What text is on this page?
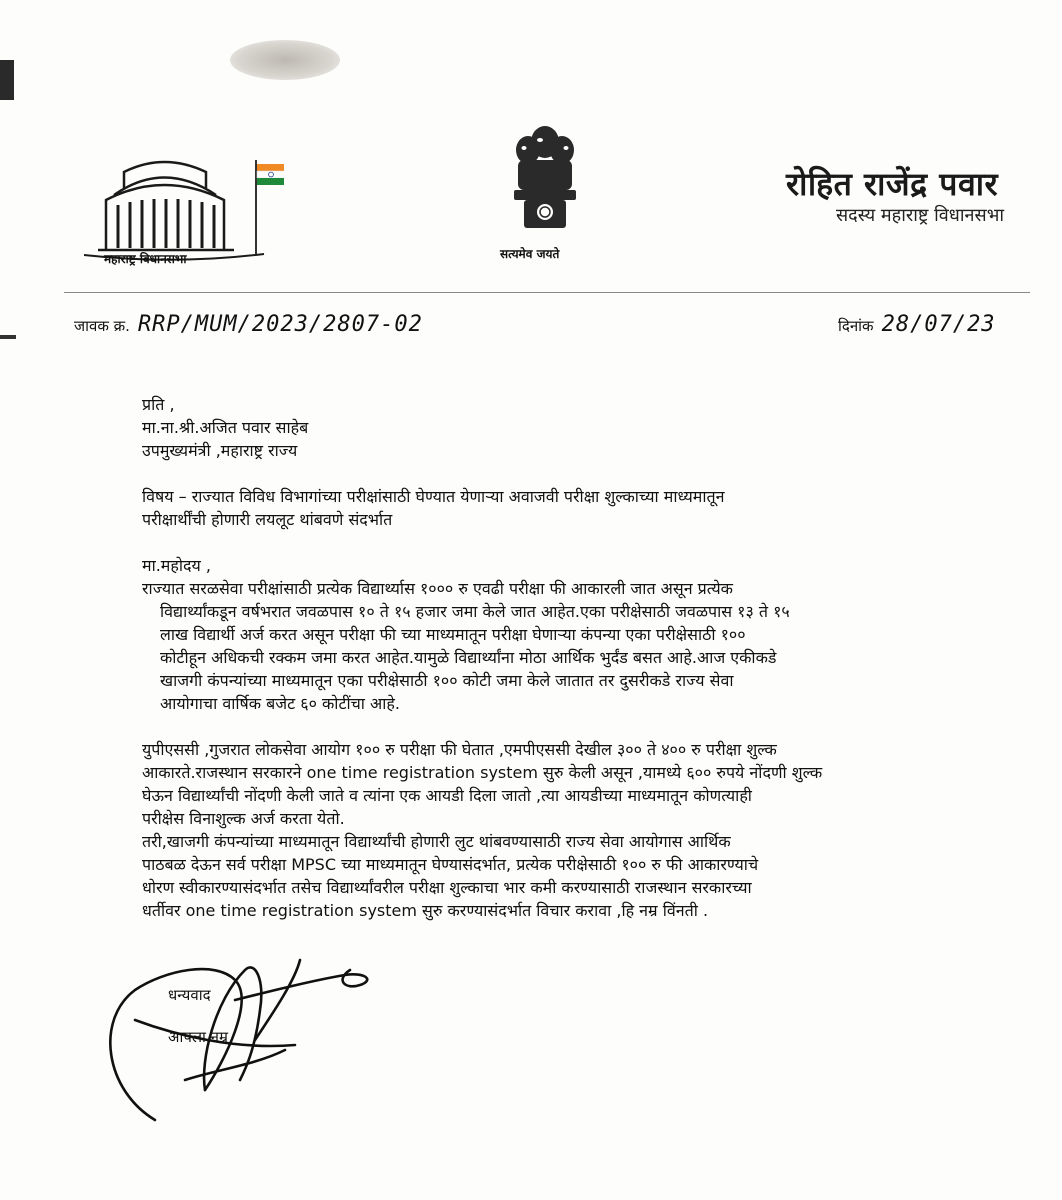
महाराष्ट्र विधानसभा	सत्यमेव जयते
रोहित राजेंद्र पवार
सदस्य महाराष्ट्र विधानसभा
जावक क्र. RRP/MUM/2023/2807-02	दिनांक 28/07/23
प्रति ,
मा.ना.श्री.अजित पवार साहेब
उपमुख्यमंत्री ,महाराष्ट्र राज्य
विषय – राज्यात विविध विभागांच्या परीक्षांसाठी घेण्यात येणाऱ्या अवाजवी परीक्षा शुल्काच्या माध्यमातून
परीक्षार्थींची होणारी लयलूट थांबवणे संदर्भात
मा.महोदय ,
राज्यात सरळसेवा परीक्षांसाठी प्रत्येक विद्यार्थ्यास १००० रु एवढी परीक्षा फी आकारली जात असून प्रत्येक
विद्यार्थ्यांकडून वर्षभरात जवळपास १० ते १५ हजार जमा केले जात आहेत.एका परीक्षेसाठी जवळपास १३ ते १५
लाख विद्यार्थी अर्ज करत असून परीक्षा फी च्या माध्यमातून परीक्षा घेणाऱ्या कंपन्या एका परीक्षेसाठी १००
कोटीहून अधिकची रक्कम जमा करत आहेत.यामुळे विद्यार्थ्यांना मोठा आर्थिक भुर्दंड बसत आहे.आज एकीकडे
खाजगी कंपन्यांच्या माध्यमातून एका परीक्षेसाठी १०० कोटी जमा केले जातात तर दुसरीकडे राज्य सेवा
आयोगाचा वार्षिक बजेट ६० कोटींचा आहे.
युपीएससी ,गुजरात लोकसेवा आयोग १०० रु परीक्षा फी घेतात ,एमपीएससी देखील ३०० ते ४०० रु परीक्षा शुल्क
आकारते.राजस्थान सरकारने one time registration system सुरु केली असून ,यामध्ये ६०० रुपये नोंदणी शुल्क
घेऊन विद्यार्थ्यांची नोंदणी केली जाते व त्यांना एक आयडी दिला जातो ,त्या आयडीच्या माध्यमातून कोणत्याही
परीक्षेस विनाशुल्क अर्ज करता येतो.
तरी,खाजगी कंपन्यांच्या माध्यमातून विद्यार्थ्यांची होणारी लुट थांबवण्यासाठी राज्य सेवा आयोगास आर्थिक
पाठबळ देऊन सर्व परीक्षा MPSC च्या माध्यमातून घेण्यासंदर्भात, प्रत्येक परीक्षेसाठी १०० रु फी आकारण्याचे
धोरण स्वीकारण्यासंदर्भात तसेच विद्यार्थ्यांवरील परीक्षा शुल्काचा भार कमी करण्यासाठी राजस्थान सरकारच्या
धर्तीवर one time registration system सुरु करण्यासंदर्भात विचार करावा ,हि नम्र विंनती .
धन्यवाद
आपला नम्र
